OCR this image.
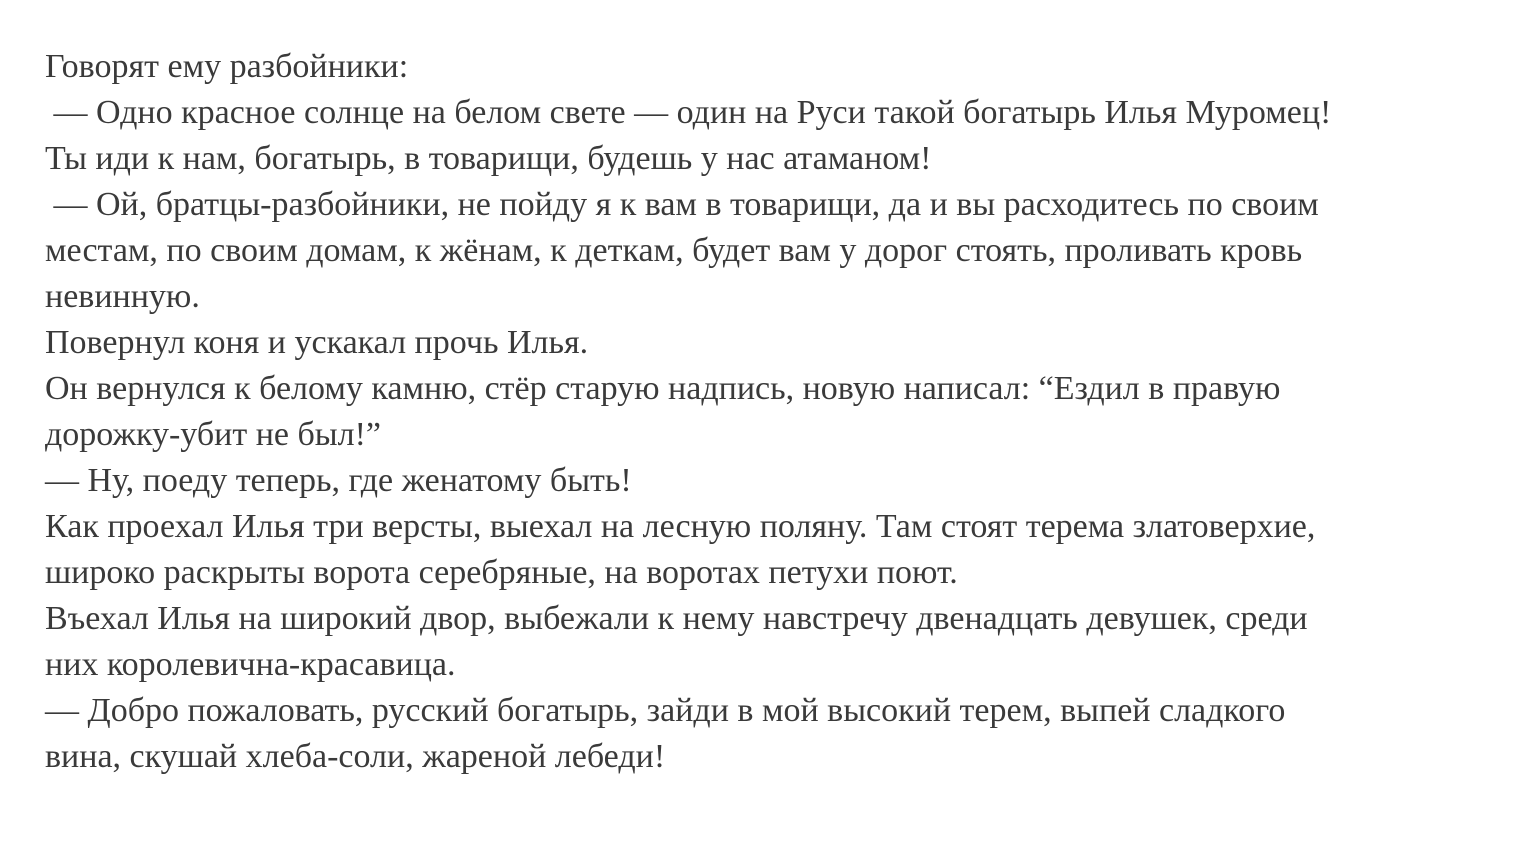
Говорят ему разбойники:
— Одно красное солнце на белом свете — один на Руси такой богатырь Илья Муромец!
Ты иди к нам, богатырь, в товарищи, будешь у нас атаманом!
— Ой, братцы-разбойники, не пойду я к вам в товарищи, да и вы расходитесь по своим
местам, по своим домам, к жёнам, к деткам, будет вам у дорог стоять, проливать кровь
невинную.
Повернул коня и ускакал прочь Илья.
Он вернулся к белому камню, стёр старую надпись, новую написал: “Ездил в правую
дорожку-убит не был!”
— Ну, поеду теперь, где женатому быть!
Как проехал Илья три версты, выехал на лесную поляну. Там стоят терема златоверхие,
широко раскрыты ворота серебряные, на воротах петухи поют.
Въехал Илья на широкий двор, выбежали к нему навстречу двенадцать девушек, среди
них королевична-красавица.
— Добро пожаловать, русский богатырь, зайди в мой высокий терем, выпей сладкого
вина, скушай хлеба-соли, жареной лебеди!
